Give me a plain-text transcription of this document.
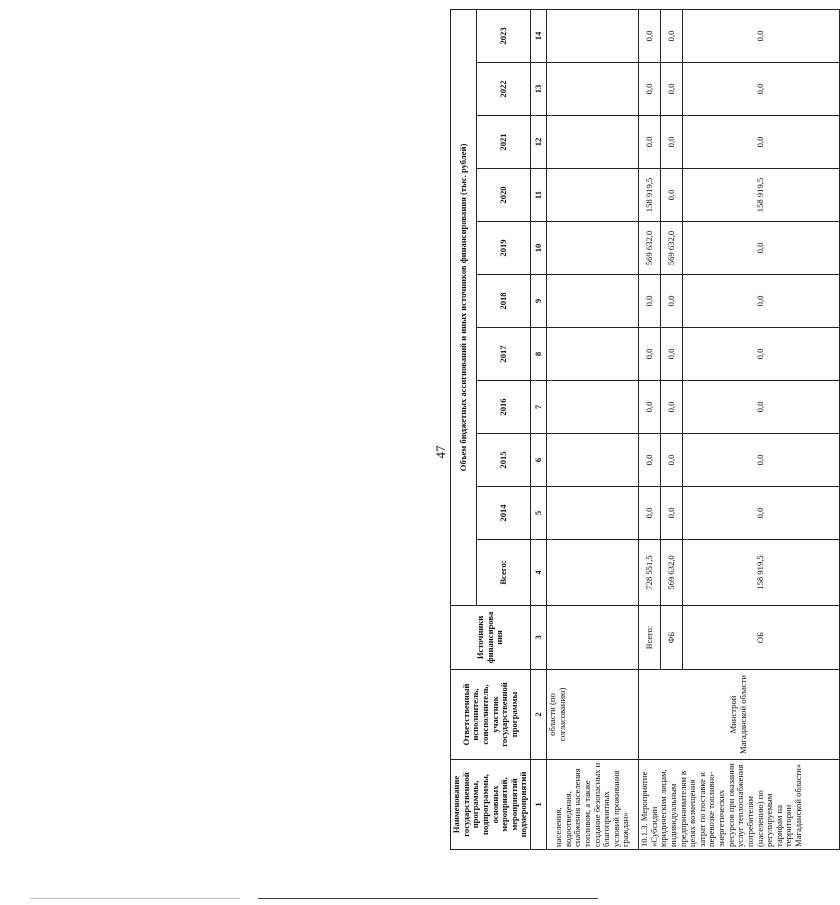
47
Наименование государственной программы, подпрограммы, основных мероприятий, мероприятий подмероприятий	Ответственный исполнитель, соисполнитель, участник государственной программы	Источники финансирова ния	Объем бюджетных ассигнований и иных источников финансирования (тыс. рублей)										
			Всего:	2014	2015	2016	2017	2018	2019	2020	2021	2022	2023
1	2	3	4	5	6	7	8	9	10	11	12	13	14
населения, водоотведения, снабжения населения топливом, а также создание безопасных и благоприятных условий проживания граждан»	области (по согласованию)												
10.1.3. Мероприятие «Субсидии юридическим лицам, индивидуальным предпринимателям в целях возмещения затрат по поставке и перевозке топливно-энергетических ресурсов при оказании услуг теплоснабжения потребителям (населению) по регулируемым тарифам на территории Магаданской области»	Минстрой Магаданской области	Всего:	728 551,5	0,0	0,0	0,0	0,0	0,0	569 632,0	158 919,5	0,0	0,0	0,0
		ФБ	569 632,0	0,0	0,0	0,0	0,0	0,0	569 632,0	0,0	0,0	0,0	0,0
		ОБ	158 919,5	0,0	0,0	0,0	0,0	0,0	0,0	158 919,5	0,0	0,0	0,0
